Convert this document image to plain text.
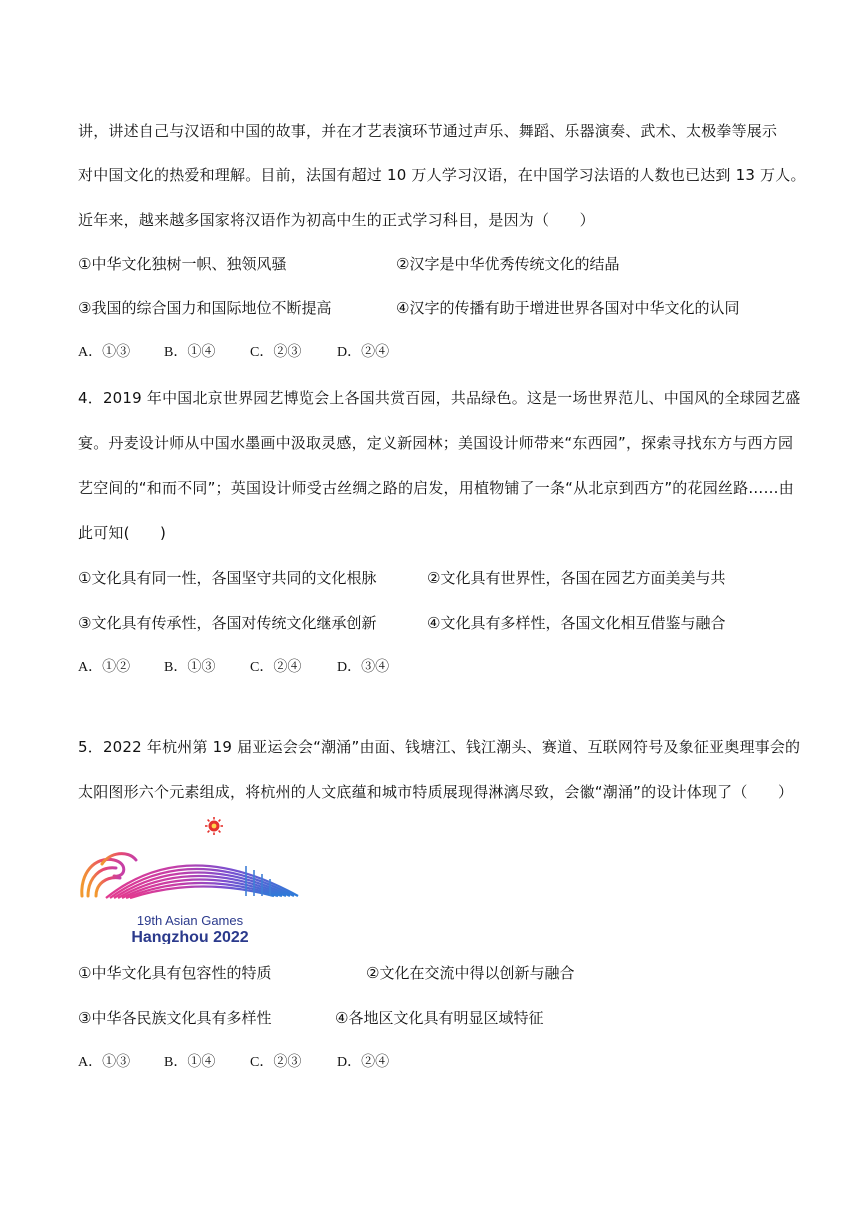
讲，讲述自己与汉语和中国的故事，并在才艺表演环节通过声乐、舞蹈、乐器演奏、武术、太极拳等展示
对中国文化的热爱和理解。目前，法国有超过 10 万人学习汉语，在中国学习法语的人数也已达到 13 万人。
近年来，越来越多国家将汉语作为初高中生的正式学习科目，是因为（　　）
①中华文化独树一帜、独领风骚	②汉字是中华优秀传统文化的结晶
③我国的综合国力和国际地位不断提高	④汉字的传播有助于增进世界各国对中华文化的认同
A．①③ B．①④ C．②③	D．②④
4．2019 年中国北京世界园艺博览会上各国共赏百园，共品绿色。这是一场世界范儿、中国风的全球园艺盛
宴。丹麦设计师从中国水墨画中汲取灵感，定义新园林；美国设计师带来“东西园”，探索寻找东方与西方园
艺空间的“和而不同”；英国设计师受古丝绸之路的启发，用植物铺了一条“从北京到西方”的花园丝路……由
此可知(　　)
①文化具有同一性，各国坚守共同的文化根脉	②文化具有世界性，各国在园艺方面美美与共
③文化具有传承性，各国对传统文化继承创新	④文化具有多样性，各国文化相互借鉴与融合
A．①② B．①③ C．②④	D．③④
5．2022 年杭州第 19 届亚运会会“潮涌”由面、钱塘江、钱江潮头、赛道、互联网符号及象征亚奥理事会的
太阳图形六个元素组成，将杭州的人文底蕴和城市特质展现得淋漓尽致，会徽“潮涌”的设计体现了（　　）
19th Asian Games
Hangzhou 2022
①中华文化具有包容性的特质	②文化在交流中得以创新与融合
③中华各民族文化具有多样性	④各地区文化具有明显区域特征
A．①③ B．①④ C．②③	D．②④
